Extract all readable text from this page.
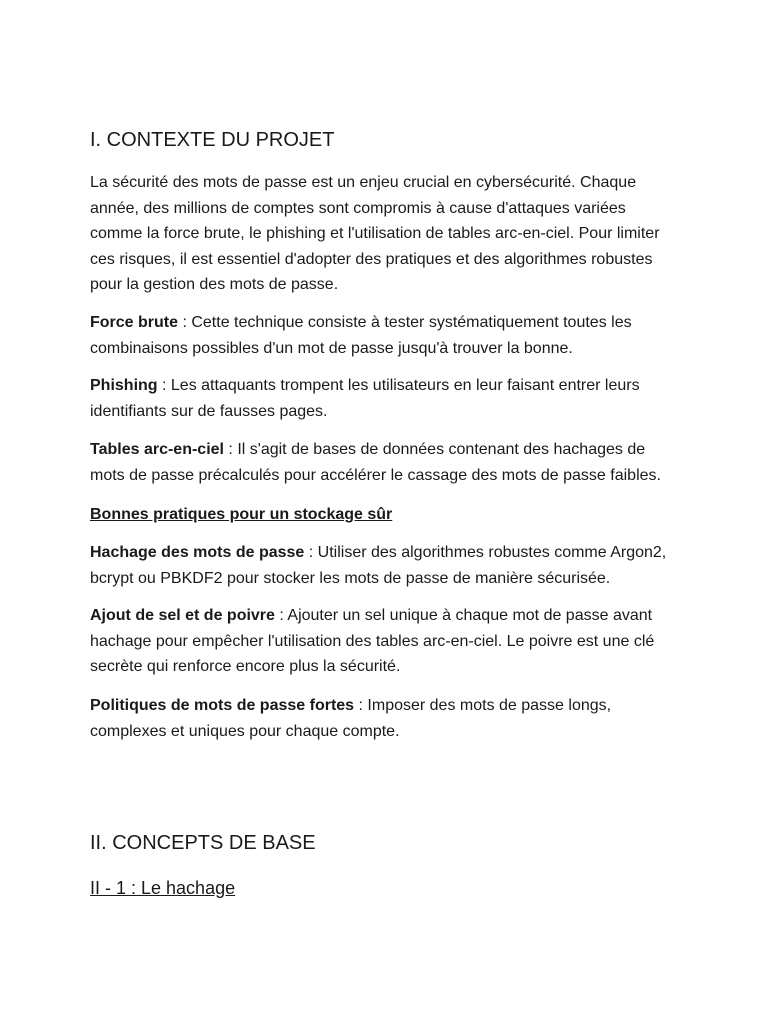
I. CONTEXTE DU PROJET

La sécurité des mots de passe est un enjeu crucial en cybersécurité. Chaque année, des millions de comptes sont compromis à cause d'attaques variées comme la force brute, le phishing et l'utilisation de tables arc-en-ciel. Pour limiter ces risques, il est essentiel d'adopter des pratiques et des algorithmes robustes pour la gestion des mots de passe.

Force brute : Cette technique consiste à tester systématiquement toutes les combinaisons possibles d'un mot de passe jusqu'à trouver la bonne.

Phishing : Les attaquants trompent les utilisateurs en leur faisant entrer leurs identifiants sur de fausses pages.

Tables arc-en-ciel : Il s'agit de bases de données contenant des hachages de mots de passe précalculés pour accélérer le cassage des mots de passe faibles.

Bonnes pratiques pour un stockage sûr

Hachage des mots de passe : Utiliser des algorithmes robustes comme Argon2, bcrypt ou PBKDF2 pour stocker les mots de passe de manière sécurisée.

Ajout de sel et de poivre : Ajouter un sel unique à chaque mot de passe avant hachage pour empêcher l'utilisation des tables arc-en-ciel. Le poivre est une clé secrète qui renforce encore plus la sécurité.

Politiques de mots de passe fortes : Imposer des mots de passe longs, complexes et uniques pour chaque compte.

II. CONCEPTS DE BASE
II - 1 : Le hachage
